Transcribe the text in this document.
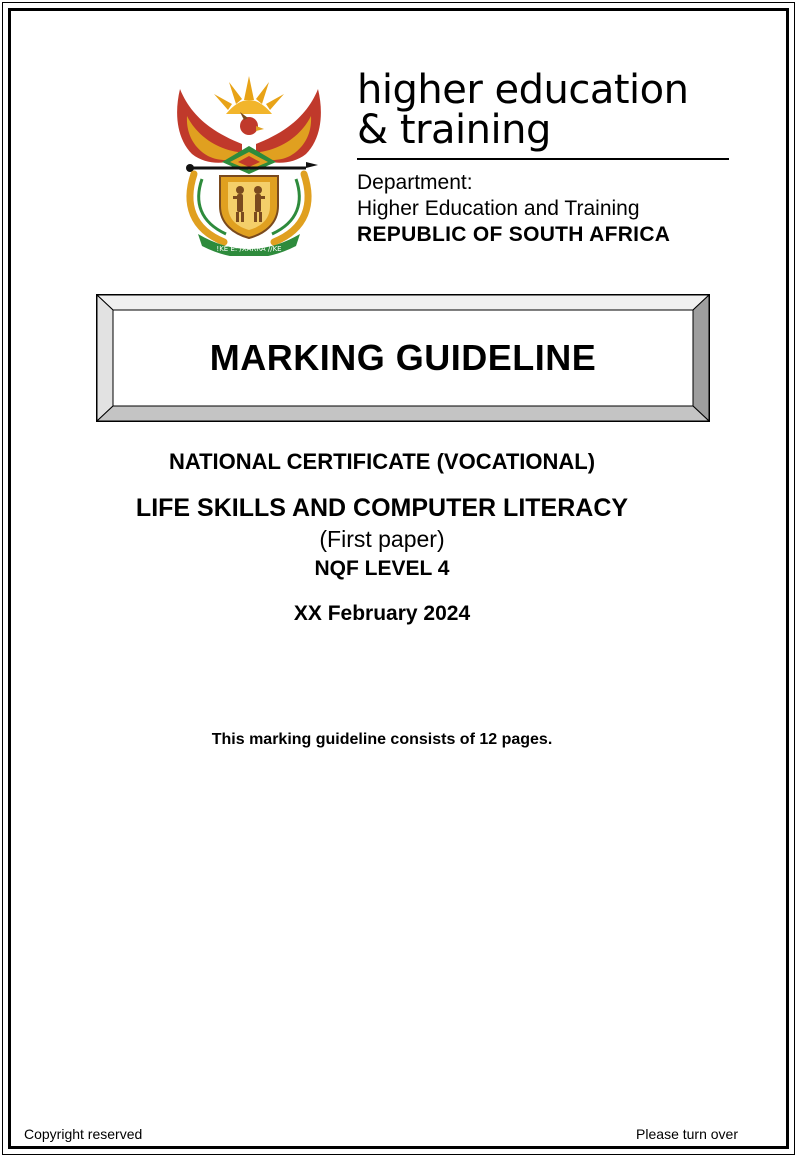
!KE E: /XARRA //KE
higher education
& training
Department:
Higher Education and Training
REPUBLIC OF SOUTH AFRICA
MARKING GUIDELINE
NATIONAL CERTIFICATE (VOCATIONAL)
LIFE SKILLS AND COMPUTER LITERACY
(First paper)
NQF LEVEL 4
XX February 2024
This marking guideline consists of 12 pages.
Copyright reserved	Please turn over
